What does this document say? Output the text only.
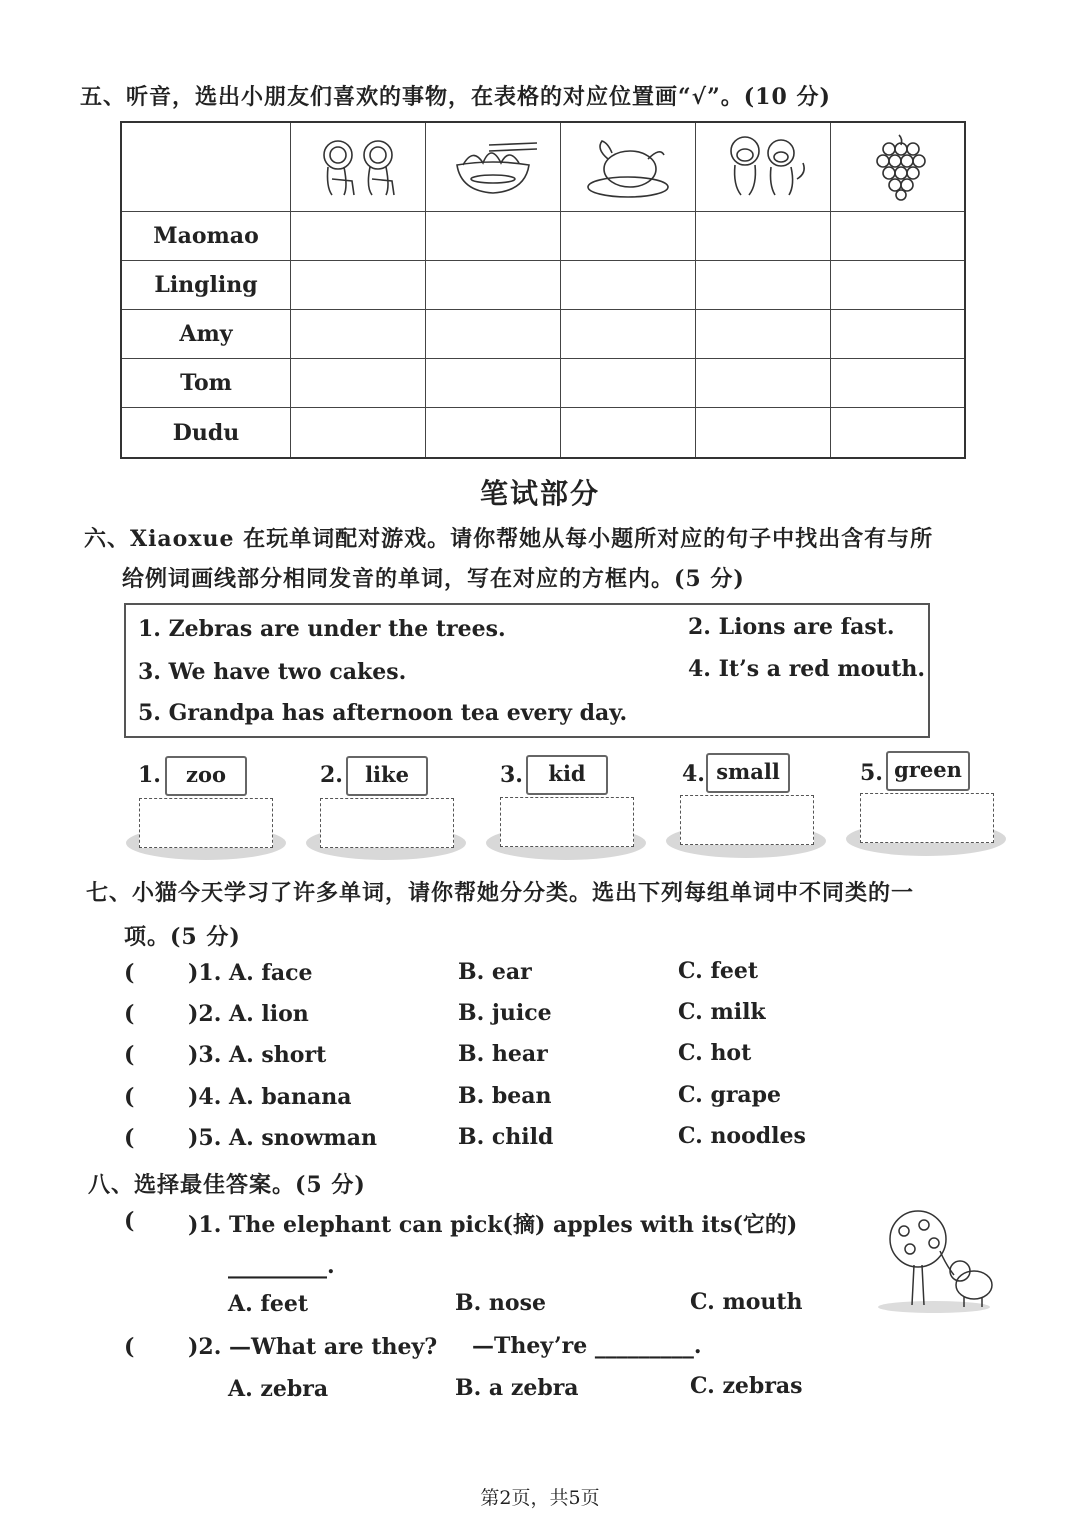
五、听音，选出小朋友们喜欢的事物，在表格的对应位置画“√”。(10 分)

Maomao					
Lingling					
Amy					
Tom					
Dudu					
笔试部分
六、Xiaoxue 在玩单词配对游戏。请你帮她从每小题所对应的句子中找出含有与所
给例词画线部分相同发音的单词，写在对应的方框内。(5 分)
1. Zebras are under the trees.	2. Lions are fast.
3. We have two cakes.	4. It’s a red mouth.
5. Grandpa has afternoon tea every day.
1.	zoo	2.	like	3.	kid	4. small	5. green
七、小猫今天学习了许多单词，请你帮她分分类。选出下列每组单词中不同类的一
项。(5 分)
( )1. A. face	B. ear	C. feet
( )2. A. lion	B. juice	C. milk
( )3. A. short	B. hear	C. hot
( )4. A. banana	B. bean	C. grape
( )5. A. snowman	B. child	C. noodles
八、选择最佳答案。(5 分)
( )1. The elephant can pick(摘) apples with its(它的)
_________.
A. feet	B. nose	C. mouth
( )2. —What are they? —They’re _________.
A. zebra	B. a zebra	C. zebras
第2页，共5页
